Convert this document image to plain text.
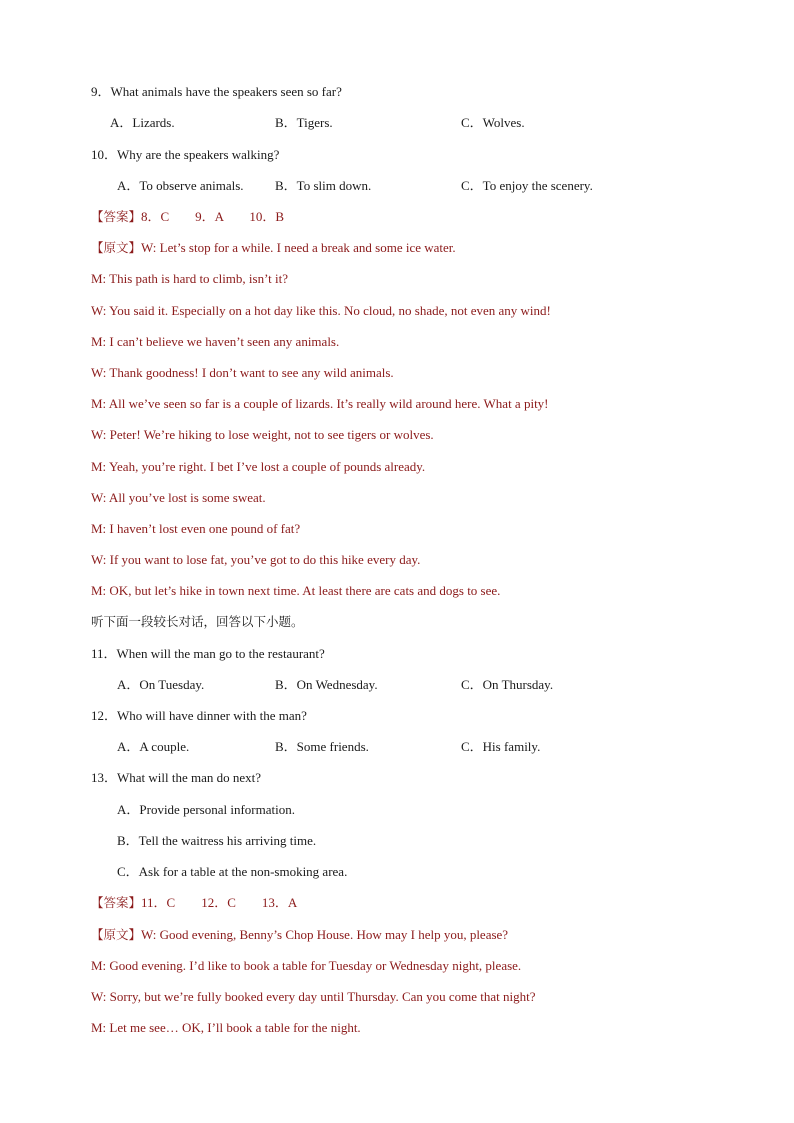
9．What animals have the speakers seen so far?
A．Lizards.	B．Tigers.	C．Wolves.
10．Why are the speakers walking?
A．To observe animals. B．To slim down.	C．To enjoy the scenery.
【答案】8．C　　9．A　　10．B
【原文】W: Let’s stop for a while. I need a break and some ice water.
M: This path is hard to climb, isn’t it?
W: You said it. Especially on a hot day like this. No cloud, no shade, not even any wind!
M: I can’t believe we haven’t seen any animals.
W: Thank goodness! I don’t want to see any wild animals.
M: All we’ve seen so far is a couple of lizards. It’s really wild around here. What a pity!
W: Peter! We’re hiking to lose weight, not to see tigers or wolves.
M: Yeah, you’re right. I bet I’ve lost a couple of pounds already.
W: All you’ve lost is some sweat.
M: I haven’t lost even one pound of fat?
W: If you want to lose fat, you’ve got to do this hike every day.
M: OK, but let’s hike in town next time. At least there are cats and dogs to see.
听下面一段较长对话，回答以下小题。
11．When will the man go to the restaurant?
A．On Tuesday.	B．On Wednesday.	C．On Thursday.
12．Who will have dinner with the man?
A．A couple.	B．Some friends.	C．His family.
13．What will the man do next?
A．Provide personal information.
B．Tell the waitress his arriving time.
C．Ask for a table at the non-smoking area.
【答案】11．C　　12．C　　13．A
【原文】W: Good evening, Benny’s Chop House. How may I help you, please?
M: Good evening. I’d like to book a table for Tuesday or Wednesday night, please.
W: Sorry, but we’re fully booked every day until Thursday. Can you come that night?
M: Let me see… OK, I’ll book a table for the night.
